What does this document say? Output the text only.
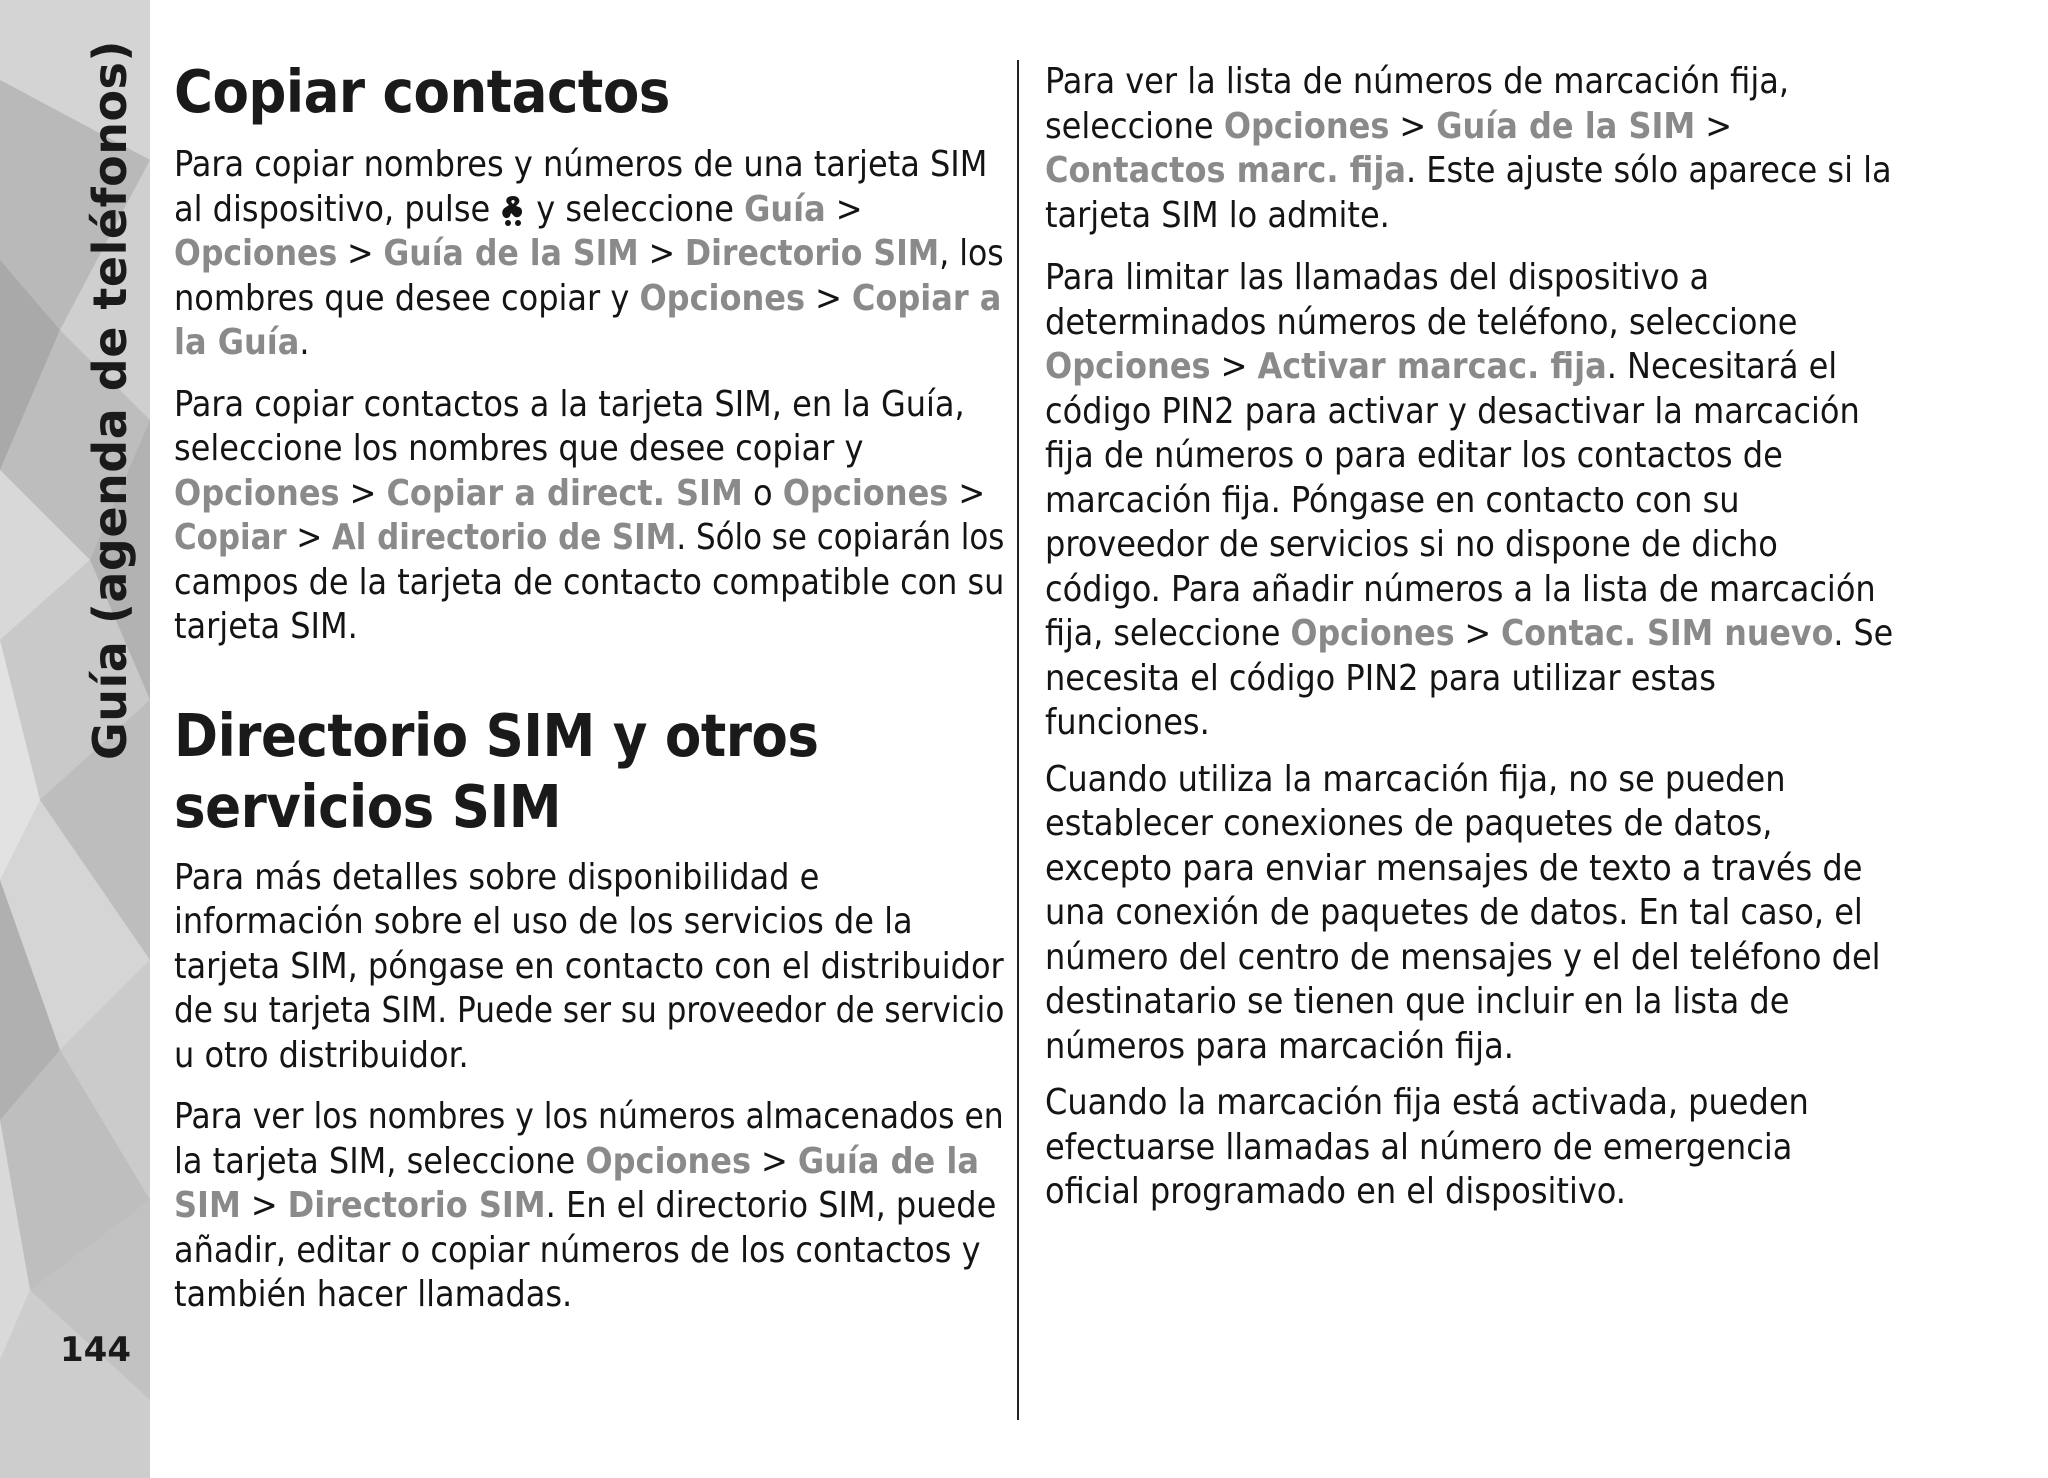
Guía (agenda de teléfonos)
144
Copiar contactos

Para copiar nombres y números de una tarjeta SIM
al dispositivo, pulse y seleccione Guía >
Opciones > Guía de la SIM > Directorio SIM, los
nombres que desee copiar y Opciones > Copiar a
la Guía.

Para copiar contactos a la tarjeta SIM, en la Guía,
seleccione los nombres que desee copiar y
Opciones > Copiar a direct. SIM o Opciones >
Copiar > Al directorio de SIM. Sólo se copiarán los
campos de la tarjeta de contacto compatible con su
tarjeta SIM.

Directorio SIM y otros
servicios SIM

Para más detalles sobre disponibilidad e
información sobre el uso de los servicios de la
tarjeta SIM, póngase en contacto con el distribuidor
de su tarjeta SIM. Puede ser su proveedor de servicio
u otro distribuidor.

Para ver los nombres y los números almacenados en
la tarjeta SIM, seleccione Opciones > Guía de la
SIM > Directorio SIM. En el directorio SIM, puede
añadir, editar o copiar números de los contactos y
también hacer llamadas.

Para ver la lista de números de marcación fija,
seleccione Opciones > Guía de la SIM >
Contactos marc. fija. Este ajuste sólo aparece si la
tarjeta SIM lo admite.

Para limitar las llamadas del dispositivo a
determinados números de teléfono, seleccione
Opciones > Activar marcac. fija. Necesitará el
código PIN2 para activar y desactivar la marcación
fija de números o para editar los contactos de
marcación fija. Póngase en contacto con su
proveedor de servicios si no dispone de dicho
código. Para añadir números a la lista de marcación
fija, seleccione Opciones > Contac. SIM nuevo. Se
necesita el código PIN2 para utilizar estas
funciones.

Cuando utiliza la marcación fija, no se pueden
establecer conexiones de paquetes de datos,
excepto para enviar mensajes de texto a través de
una conexión de paquetes de datos. En tal caso, el
número del centro de mensajes y el del teléfono del
destinatario se tienen que incluir en la lista de
números para marcación fija.

Cuando la marcación fija está activada, pueden
efectuarse llamadas al número de emergencia
oficial programado en el dispositivo.
